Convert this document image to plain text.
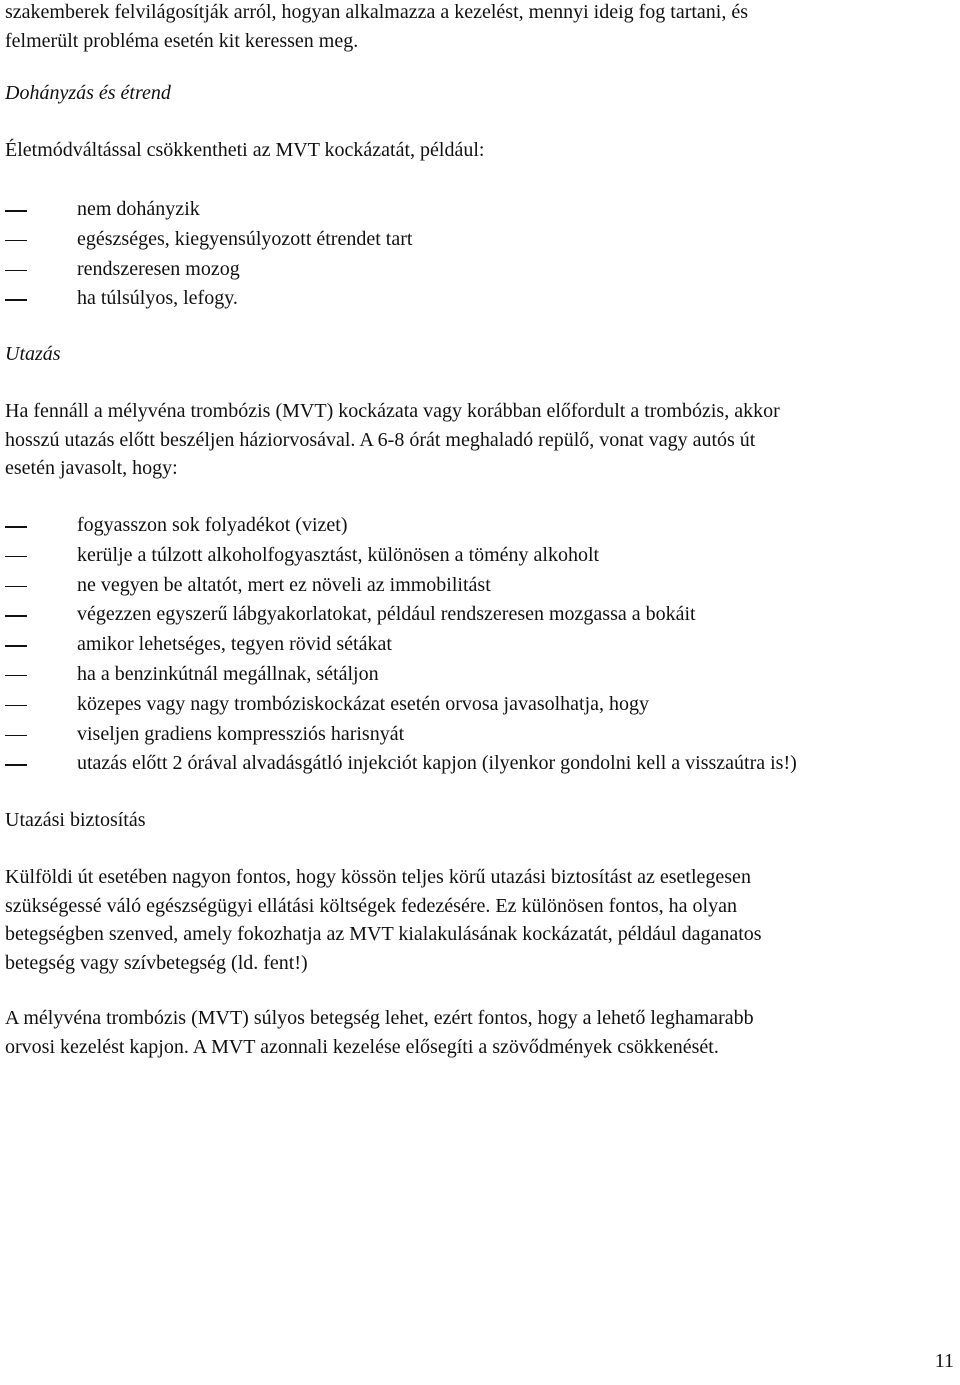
szakemberek felvilágosítják arról, hogyan alkalmazza a kezelést, mennyi ideig fog tartani, és
felmerült probléma esetén kit keressen meg.

Dohányzás és étrend

Életmódváltással csökkentheti az MVT kockázatát, például:

nem dohányzik
egészséges, kiegyensúlyozott étrendet tart
rendszeresen mozog
ha túlsúlyos, lefogy.

Utazás

Ha fennáll a mélyvéna trombózis (MVT) kockázata vagy korábban előfordult a trombózis, akkor
hosszú utazás előtt beszéljen háziorvosával. A 6-8 órát meghaladó repülő, vonat vagy autós út
esetén javasolt, hogy:

fogyasszon sok folyadékot (vizet)
kerülje a túlzott alkoholfogyasztást, különösen a tömény alkoholt
ne vegyen be altatót, mert ez növeli az immobilitást
végezzen egyszerű lábgyakorlatokat, például rendszeresen mozgassa a bokáit
amikor lehetséges, tegyen rövid sétákat
ha a benzinkútnál megállnak, sétáljon
közepes vagy nagy trombóziskockázat esetén orvosa javasolhatja, hogy
viseljen gradiens kompressziós harisnyát
utazás előtt 2 órával alvadásgátló injekciót kapjon (ilyenkor gondolni kell a visszaútra is!)

Utazási biztosítás

Külföldi út esetében nagyon fontos, hogy kössön teljes körű utazási biztosítást az esetlegesen
szükségessé váló egészségügyi ellátási költségek fedezésére. Ez különösen fontos, ha olyan
betegségben szenved, amely fokozhatja az MVT kialakulásának kockázatát, például daganatos
betegség vagy szívbetegség (ld. fent!)

A mélyvéna trombózis (MVT) súlyos betegség lehet, ezért fontos, hogy a lehető leghamarabb
orvosi kezelést kapjon. A MVT azonnali kezelése elősegíti a szövődmények csökkenését.

11
